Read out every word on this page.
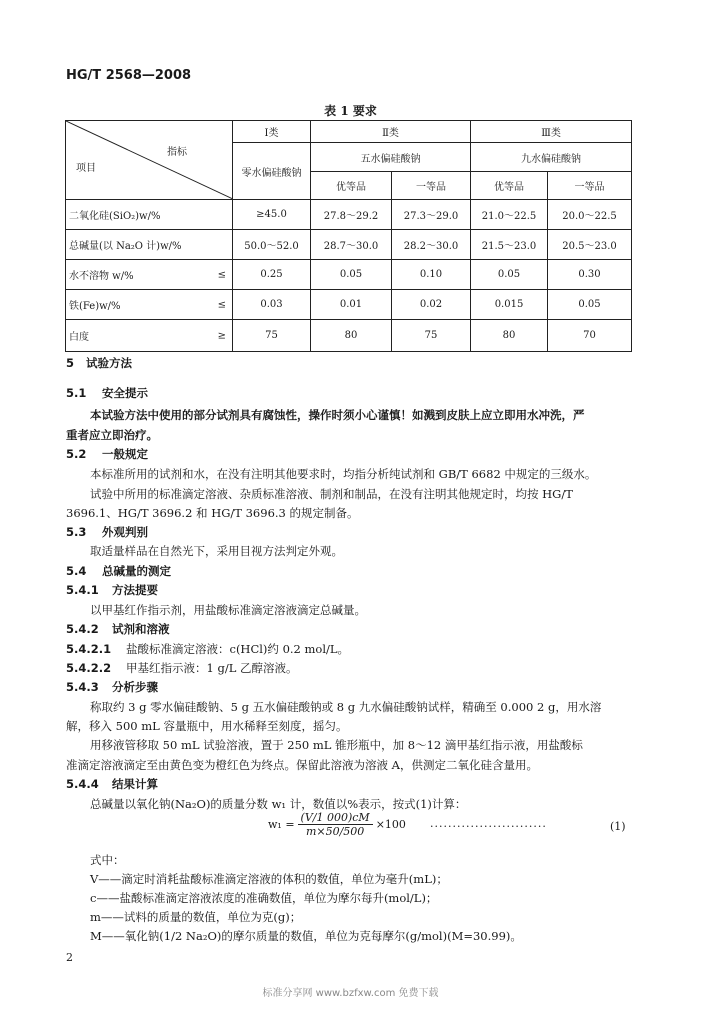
HG/T 2568—2008
表 1 要求
指标
项目	Ⅰ类	Ⅱ类		Ⅲ类	
	零水偏硅酸钠	五水偏硅酸钠		九水偏硅酸钠	
		优等品	一等品	优等品	一等品
二氧化硅(SiO₂)w/%	≥45.0	27.8～29.2	27.3～29.0	21.0～22.5	20.0～22.5
总碱量(以 Na₂O 计)w/%	50.0～52.0	28.7～30.0	28.2～30.0	21.5～23.0	20.5～23.0
水不溶物 w/% ≤	0.25	0.05	0.10	0.05	0.30
铁(Fe)w/% ≤	0.03	0.01	0.02	0.015	0.05
白度 ≥	75	80	75	80	70
5 试验方法
5.1 安全提示
本试验方法中使用的部分试剂具有腐蚀性，操作时须小心谨慎！如溅到皮肤上应立即用水冲洗，严
重者应立即治疗。
5.2 一般规定
本标准所用的试剂和水，在没有注明其他要求时，均指分析纯试剂和 GB/T 6682 中规定的三级水。
试验中所用的标准滴定溶液、杂质标准溶液、制剂和制品，在没有注明其他规定时，均按 HG/T
3696.1、HG/T 3696.2 和 HG/T 3696.3 的规定制备。
5.3 外观判别
取适量样品在自然光下，采用目视方法判定外观。
5.4 总碱量的测定
5.4.1 方法提要
以甲基红作指示剂，用盐酸标准滴定溶液滴定总碱量。
5.4.2 试剂和溶液
5.4.2.1 盐酸标准滴定溶液：c(HCl)约 0.2 mol/L。
5.4.2.2 甲基红指示液：1 g/L 乙醇溶液。
5.4.3 分析步骤
称取约 3 g 零水偏硅酸钠、5 g 五水偏硅酸钠或 8 g 九水偏硅酸钠试样，精确至 0.000 2 g，用水溶
解，移入 500 mL 容量瓶中，用水稀释至刻度，摇匀。
用移液管移取 50 mL 试验溶液，置于 250 mL 锥形瓶中，加 8～12 滴甲基红指示液，用盐酸标
准滴定溶液滴定至由黄色变为橙红色为终点。保留此溶液为溶液 A，供测定二氧化硅含量用。
5.4.4 结果计算
总碱量以氧化钠(Na₂O)的质量分数 w₁ 计，数值以%表示，按式(1)计算：
$w_1 = \frac{(V/1 000)cM}{m\times 50/500} \times 100$ ··························	(1)
式中：
V——滴定时消耗盐酸标准滴定溶液的体积的数值，单位为毫升(mL)；
c——盐酸标准滴定溶液浓度的准确数值，单位为摩尔每升(mol/L)；
m——试料的质量的数值，单位为克(g)；
M——氧化钠(1/2 Na₂O)的摩尔质量的数值，单位为克每摩尔(g/mol)(M=30.99)。
2
标准分享网 www.bzfxw.com 免费下载
